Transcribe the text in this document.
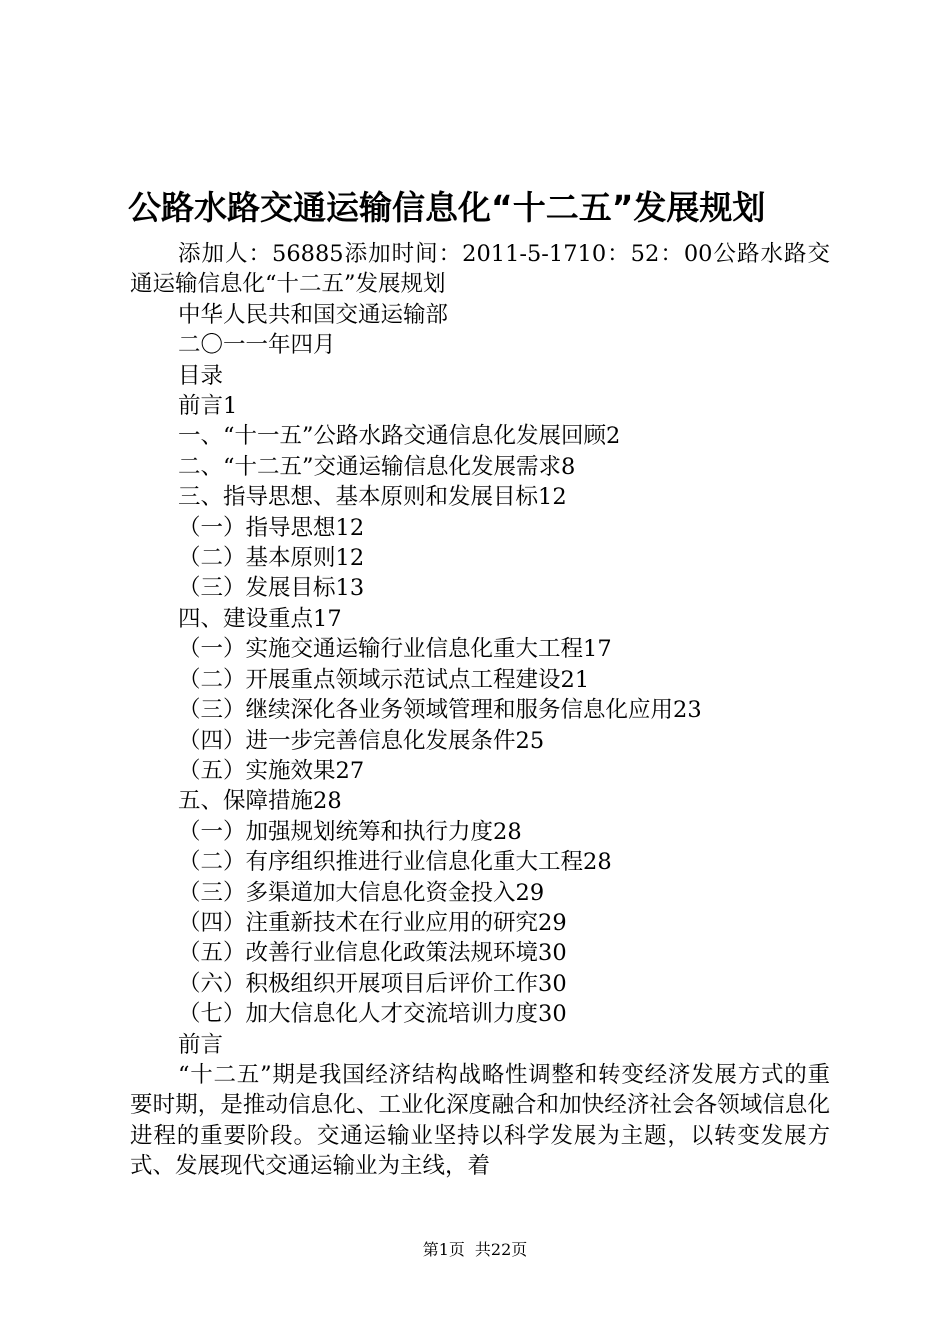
公路水路交通运输信息化“十二五”发展规划

添加人：56885添加时间：2011-5-1710：52：00公路水路交通运输信息化“十二五”发展规划

中华人民共和国交通运输部

二〇一一年四月

目录

前言1

一、“十一五”公路水路交通信息化发展回顾2

二、“十二五”交通运输信息化发展需求8

三、指导思想、基本原则和发展目标12

（一）指导思想12

（二）基本原则12

（三）发展目标13

四、建设重点17

（一）实施交通运输行业信息化重大工程17

（二）开展重点领域示范试点工程建设21

（三）继续深化各业务领域管理和服务信息化应用23

（四）进一步完善信息化发展条件25

（五）实施效果27

五、保障措施28

（一）加强规划统筹和执行力度28

（二）有序组织推进行业信息化重大工程28

（三）多渠道加大信息化资金投入29

（四）注重新技术在行业应用的研究29

（五）改善行业信息化政策法规环境30

（六）积极组织开展项目后评价工作30

（七）加大信息化人才交流培训力度30

前言

“十二五”期是我国经济结构战略性调整和转变经济发展方式的重要时期，是推动信息化、工业化深度融合和加快经济社会各领域信息化进程的重要阶段。交通运输业坚持以科学发展为主题，以转变发展方式、发展现代交通运输业为主线，着

第1页 共22页
